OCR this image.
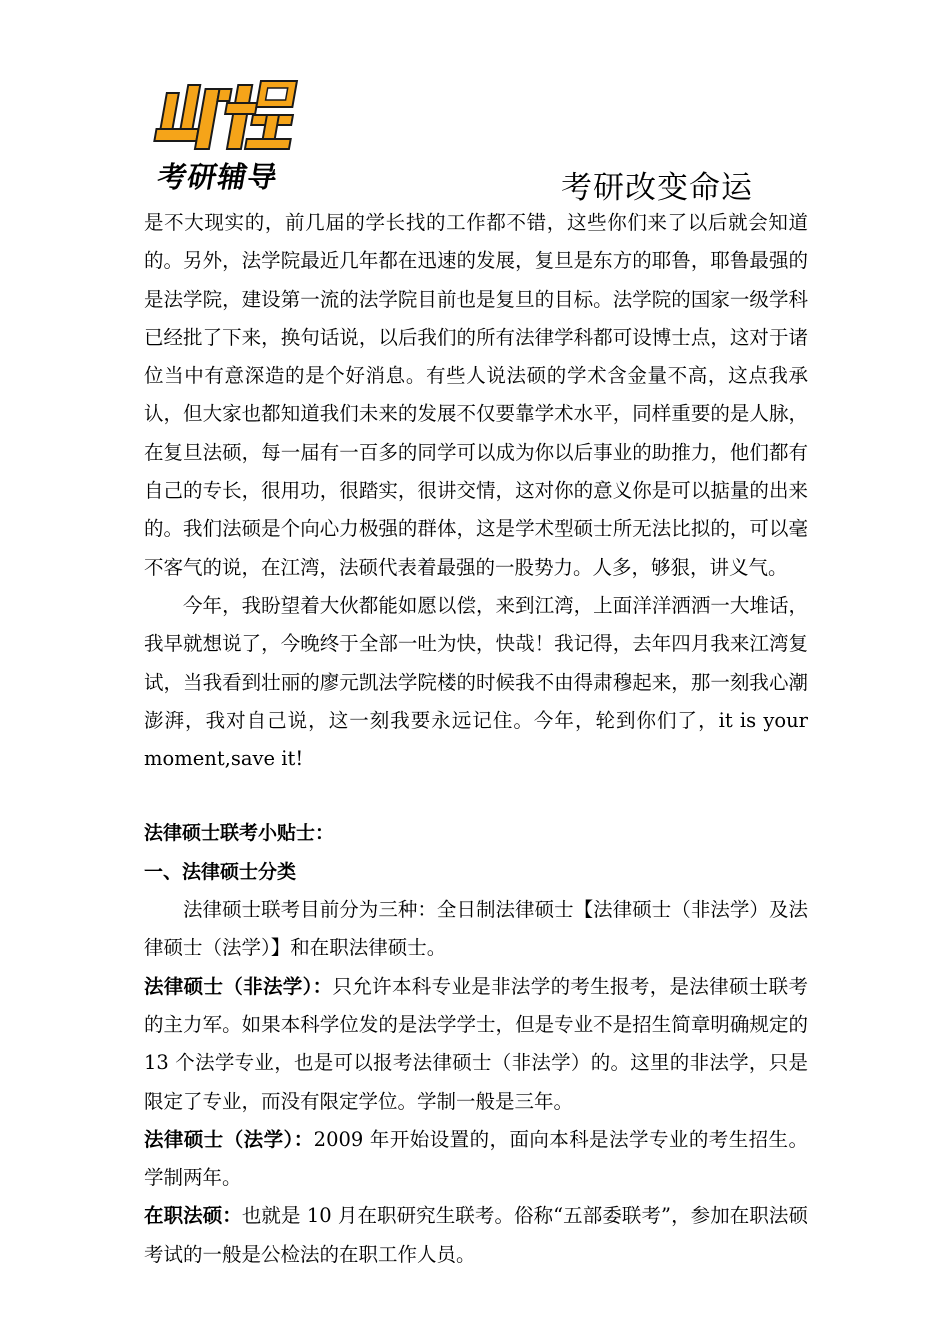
考研辅导	考研改变命运

是不大现实的，前几届的学长找的工作都不错，这些你们来了以后就会知道的。另外，法学院最近几年都在迅速的发展，复旦是东方的耶鲁，耶鲁最强的是法学院，建设第一流的法学院目前也是复旦的目标。法学院的国家一级学科已经批了下来，换句话说，以后我们的所有法律学科都可设博士点，这对于诸位当中有意深造的是个好消息。有些人说法硕的学术含金量不高，这点我承认，但大家也都知道我们未来的发展不仅要靠学术水平，同样重要的是人脉，在复旦法硕，每一届有一百多的同学可以成为你以后事业的助推力，他们都有自己的专长，很用功，很踏实，很讲交情，这对你的意义你是可以掂量的出来的。我们法硕是个向心力极强的群体，这是学术型硕士所无法比拟的，可以毫不客气的说，在江湾，法硕代表着最强的一股势力。人多，够狠，讲义气。

今年，我盼望着大伙都能如愿以偿，来到江湾，上面洋洋洒洒一大堆话，我早就想说了，今晚终于全部一吐为快，快哉！我记得，去年四月我来江湾复试，当我看到壮丽的廖元凯法学院楼的时候我不由得肃穆起来，那一刻我心潮澎湃，我对自己说，这一刻我要永远记住。今年，轮到你们了，it is your moment,save it!

法律硕士联考小贴士：

一、法律硕士分类

法律硕士联考目前分为三种：全日制法律硕士【法律硕士（非法学）及法律硕士（法学）】和在职法律硕士。

法律硕士（非法学）：只允许本科专业是非法学的考生报考，是法律硕士联考的主力军。如果本科学位发的是法学学士，但是专业不是招生简章明确规定的 13 个法学专业，也是可以报考法律硕士（非法学）的。这里的非法学，只是限定了专业，而没有限定学位。学制一般是三年。

法律硕士（法学）：2009 年开始设置的，面向本科是法学专业的考生招生。学制两年。

在职法硕：也就是 10 月在职研究生联考。俗称“五部委联考”，参加在职法硕考试的一般是公检法的在职工作人员。
